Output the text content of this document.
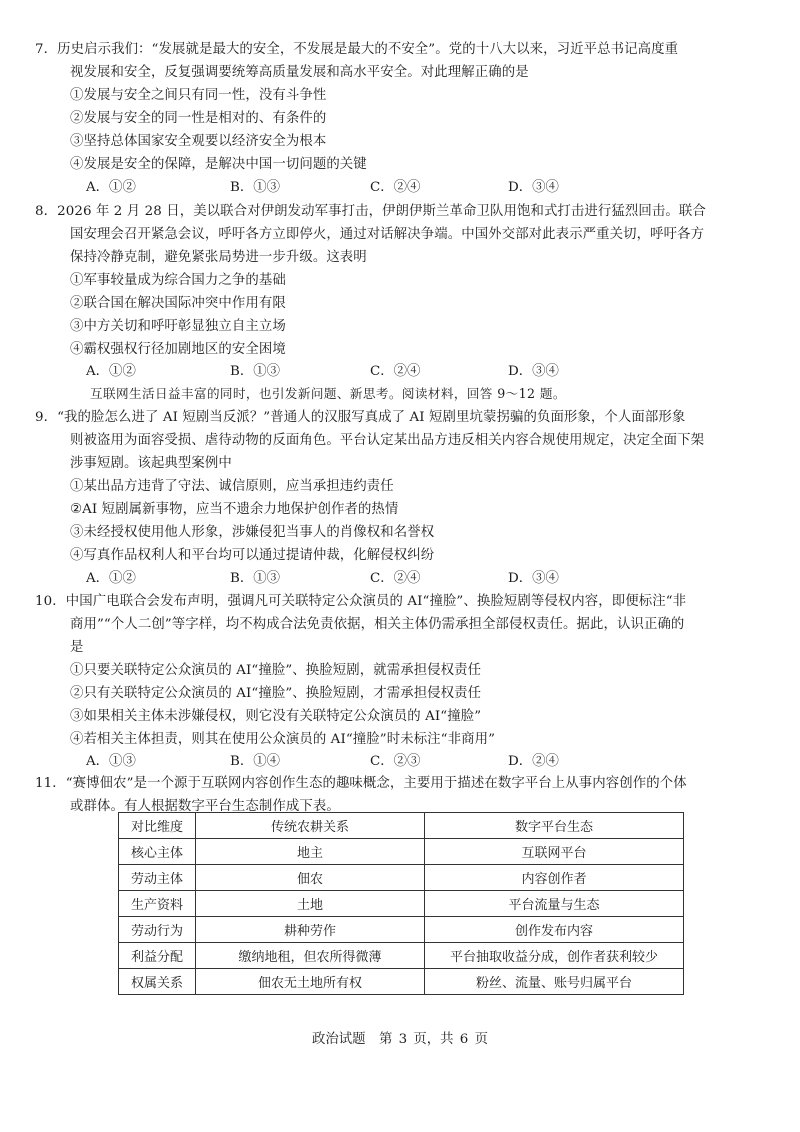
7．历史启示我们：“发展就是最大的安全，不发展是最大的不安全”。党的十八大以来，习近平总书记高度重
视发展和安全，反复强调要统筹高质量发展和高水平安全。对此理解正确的是
①发展与安全之间只有同一性，没有斗争性
②发展与安全的同一性是相对的、有条件的
③坚持总体国家安全观要以经济安全为根本
④发展是安全的保障，是解决中国一切问题的关键
A．①②	B．①③	C．②④	D．③④
8．2026 年 2 月 28 日，美以联合对伊朗发动军事打击，伊朗伊斯兰革命卫队用饱和式打击进行猛烈回击。联合
国安理会召开紧急会议，呼吁各方立即停火，通过对话解决争端。中国外交部对此表示严重关切，呼吁各方
保持冷静克制，避免紧张局势进一步升级。这表明
①军事较量成为综合国力之争的基础
②联合国在解决国际冲突中作用有限
③中方关切和呼吁彰显独立自主立场
④霸权强权行径加剧地区的安全困境
A．①②	B．①③	C．②④	D．③④
互联网生活日益丰富的同时，也引发新问题、新思考。阅读材料，回答 9～12 题。
9．“我的脸怎么进了 AI 短剧当反派？”普通人的汉服写真成了 AI 短剧里坑蒙拐骗的负面形象，个人面部形象
则被盗用为面容受损、虐待动物的反面角色。平台认定某出品方违反相关内容合规使用规定，决定全面下架
涉事短剧。该起典型案例中
①某出品方违背了守法、诚信原则，应当承担违约责任
②AI 短剧属新事物，应当不遗余力地保护创作者的热情
③未经授权使用他人形象，涉嫌侵犯当事人的肖像权和名誉权
④写真作品权利人和平台均可以通过提请仲裁，化解侵权纠纷
A．①②	B．①③	C．②④	D．③④
10．中国广电联合会发布声明，强调凡可关联特定公众演员的 AI“撞脸”、换脸短剧等侵权内容，即便标注“非
商用”“个人二创”等字样，均不构成合法免责依据，相关主体仍需承担全部侵权责任。据此，认识正确的
是
①只要关联特定公众演员的 AI“撞脸”、换脸短剧，就需承担侵权责任
②只有关联特定公众演员的 AI“撞脸”、换脸短剧，才需承担侵权责任
③如果相关主体未涉嫌侵权，则它没有关联特定公众演员的 AI“撞脸”
④若相关主体担责，则其在使用公众演员的 AI“撞脸”时未标注“非商用”
A．①③	B．①④	C．②③	D．②④
11．“赛博佃农”是一个源于互联网内容创作生态的趣味概念，主要用于描述在数字平台上从事内容创作的个体
或群体。有人根据数字平台生态制作成下表。
对比维度	传统农耕关系	数字平台生态
核心主体	地主	互联网平台
劳动主体	佃农	内容创作者
生产资料	土地	平台流量与生态
劳动行为	耕种劳作	创作发布内容
利益分配	缴纳地租，但农所得微薄	平台抽取收益分成，创作者获利较少
权属关系	佃农无土地所有权	粉丝、流量、账号归属平台
政治试题　第 3 页，共 6 页
